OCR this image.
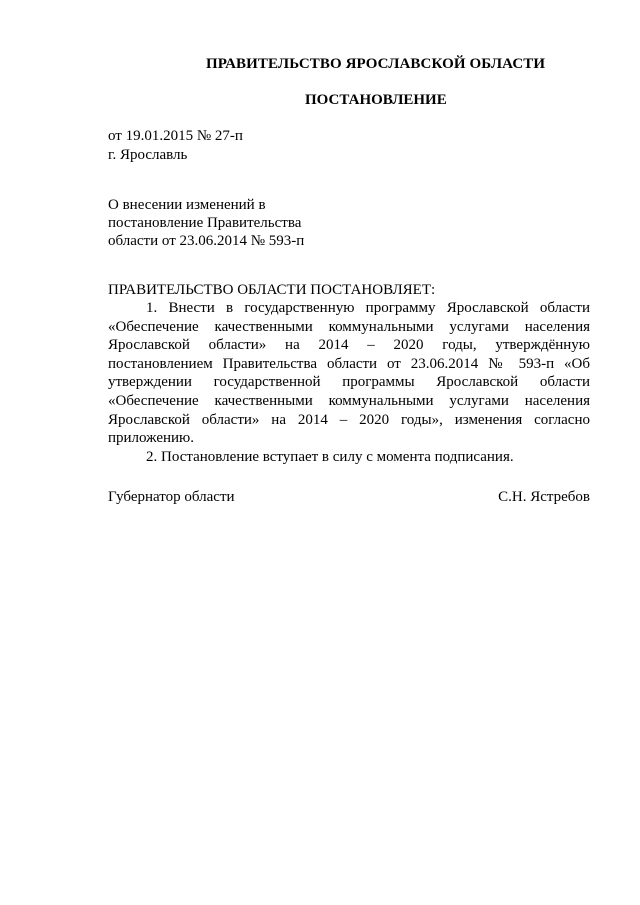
ПРАВИТЕЛЬСТВО ЯРОСЛАВСКОЙ ОБЛАСТИ
ПОСТАНОВЛЕНИЕ
от 19.01.2015 № 27-п
г. Ярославль
О внесении изменений в
постановление Правительства
области от 23.06.2014 № 593-п
ПРАВИТЕЛЬСТВО ОБЛАСТИ ПОСТАНОВЛЯЕТ:

1. Внести в государственную программу Ярославской области «Обеспечение качественными коммунальными услугами населения Ярославской области» на 2014 – 2020 годы, утверждённую постановлением Правительства области от 23.06.2014 № 593-п «Об утверждении государственной программы Ярославской области «Обеспечение качественными коммунальными услугами населения Ярославской области» на 2014 – 2020 годы», изменения согласно приложению.

2. Постановление вступает в силу с момента подписания.

Губернатор области	С.Н. Ястребов
